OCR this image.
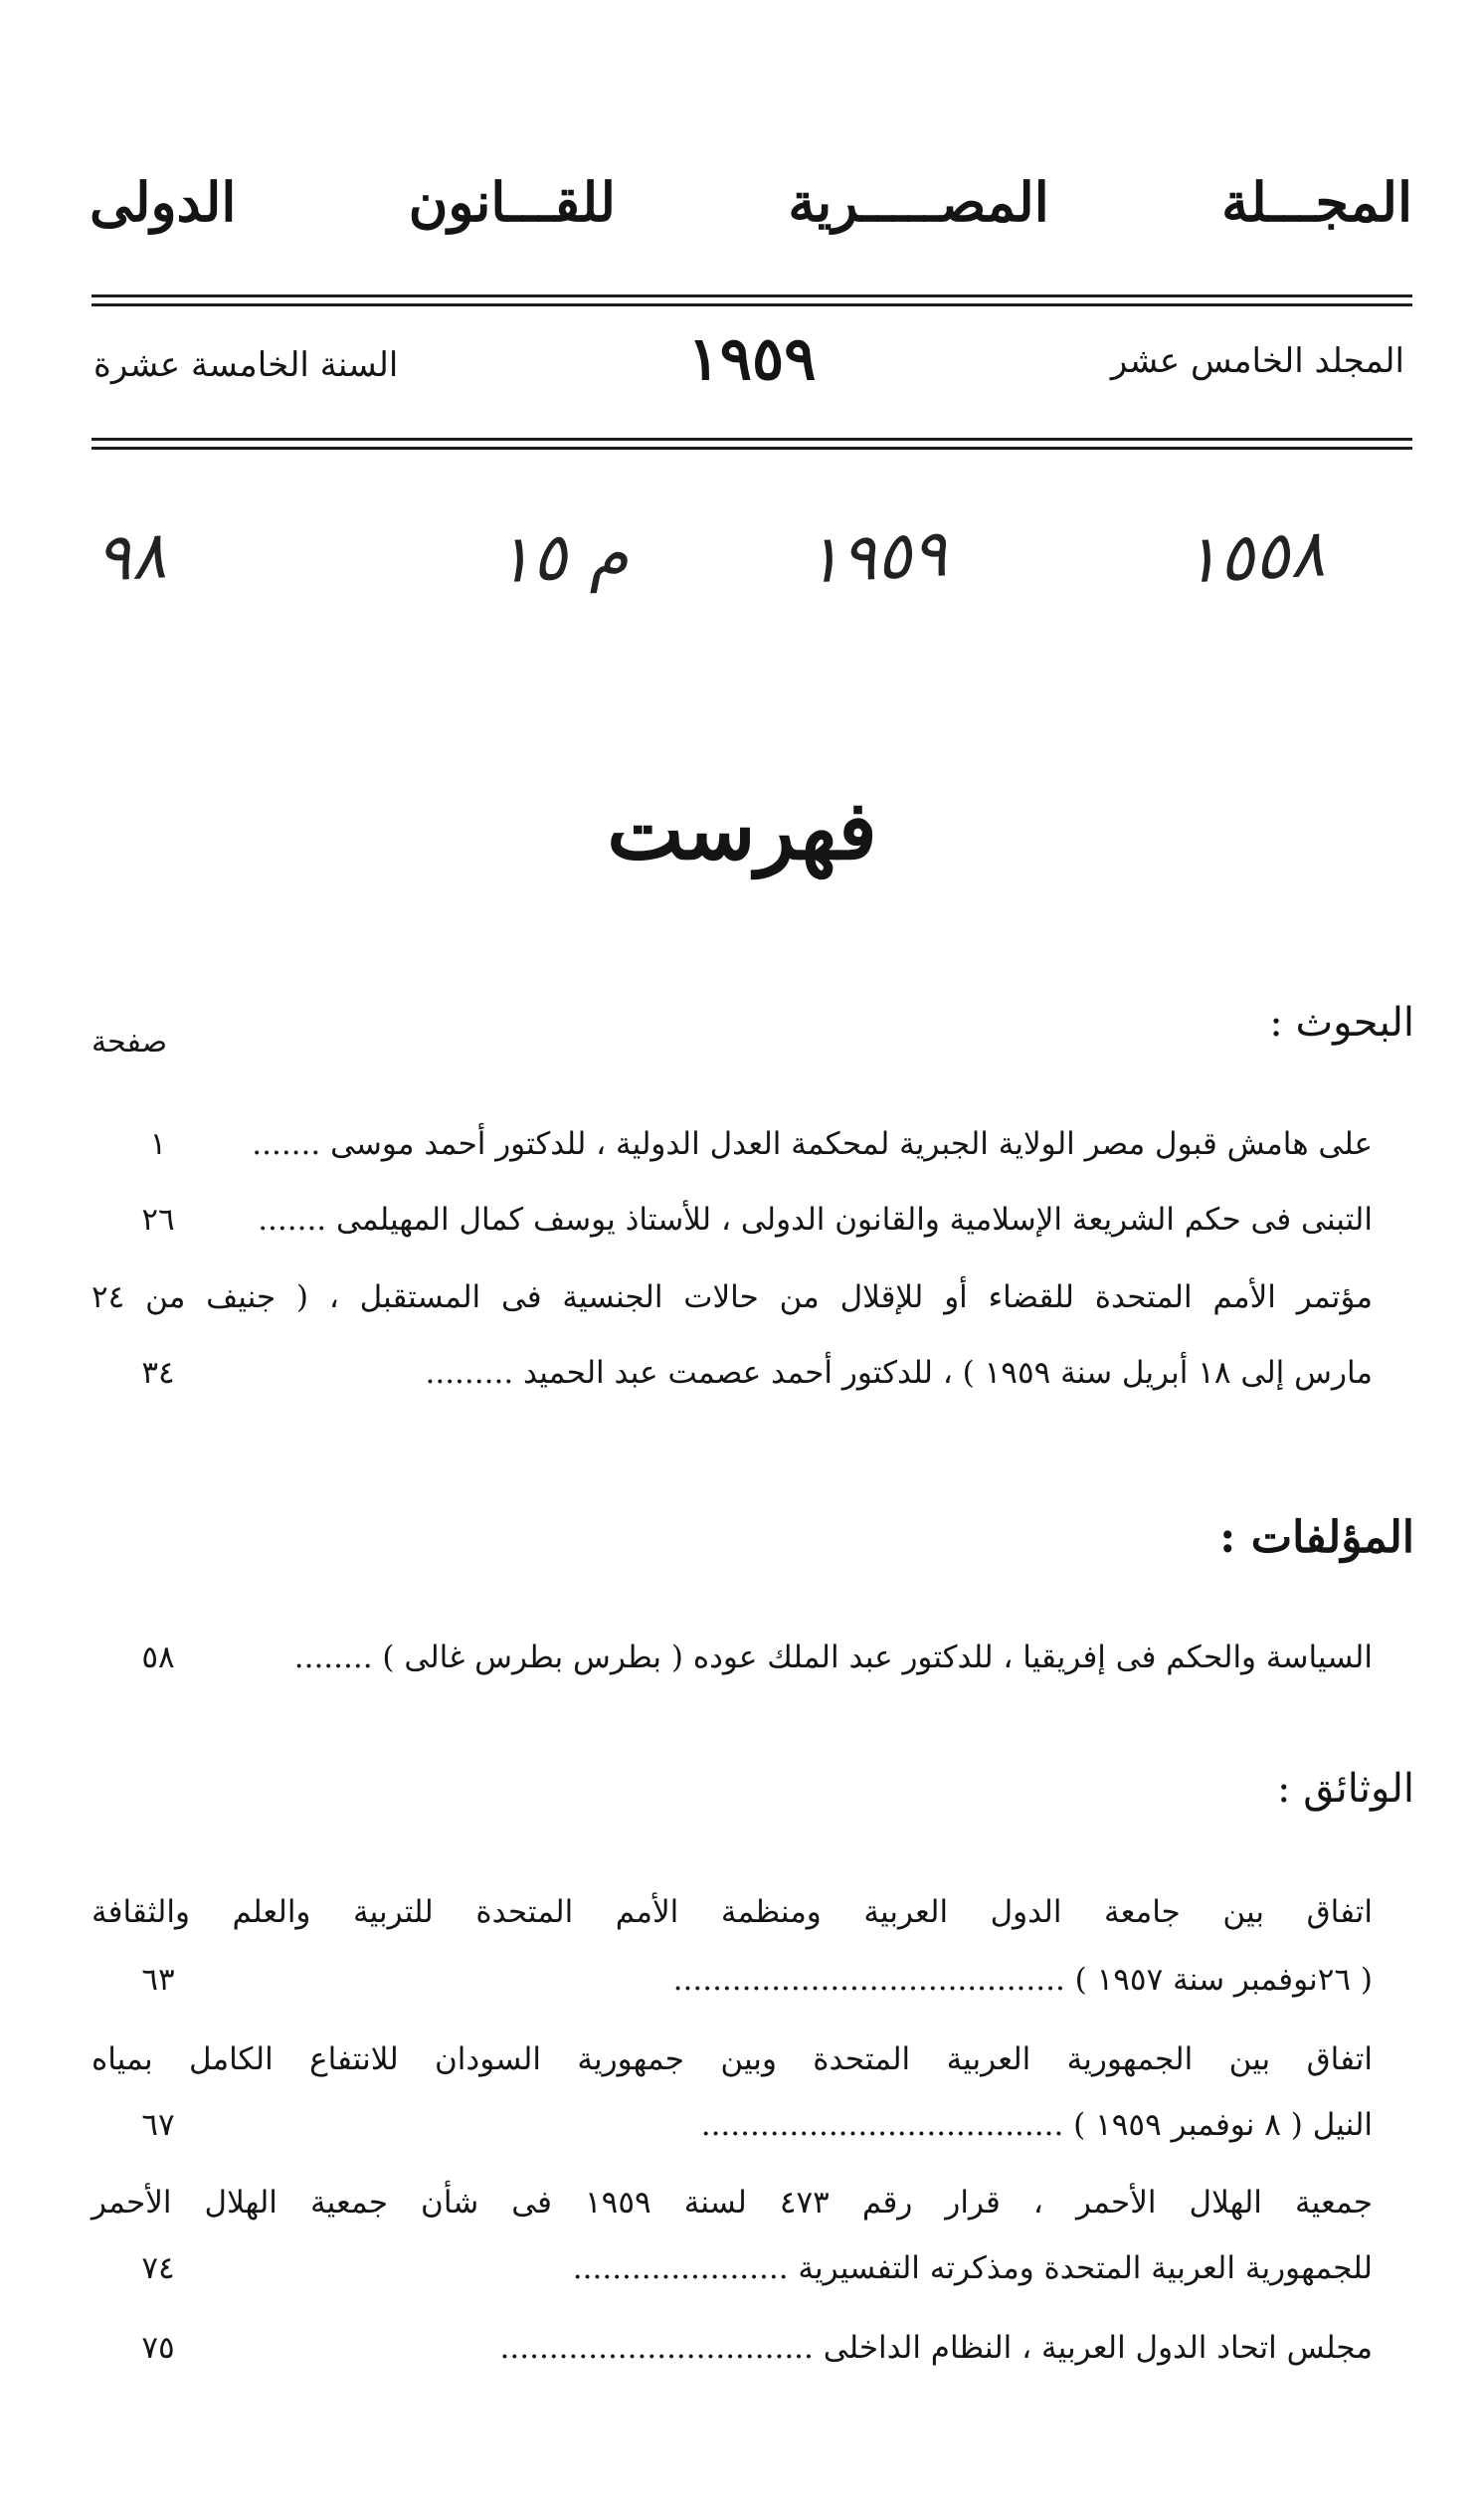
المجـــلة المصـــــرية للقـــانون الدولى
المجلد الخامس عشر
١٩٥٩
السنة الخامسة عشرة
١٥٥٨
١٩٥٩
م ١٥
٩٨
فهرست
البحوث :
صفحة
على هامش قبول مصر الولاية الجبرية لمحكمة العدل الدولية ، للدكتور أحمد موسى .......
١
التبنى فى حكم الشريعة الإسلامية والقانون الدولى ، للأستاذ يوسف كمال المهيلمى .......
٢٦
مؤتمر الأمم المتحدة للقضاء أو للإقلال من حالات الجنسية فى المستقبل ، ( جنيف من ٢٤
مارس إلى ١٨ أبريل سنة ١٩٥٩ ) ، للدكتور أحمد عصمت عبد الحميد .........
٣٤
المؤلفات :
السياسة والحكم فى إفريقيا ، للدكتور عبد الملك عوده ( بطرس بطرس غالى ) ........
٥٨
الوثائق :
اتفاق بين جامعة الدول العربية ومنظمة الأمم المتحدة للتربية والعلم والثقافة
( ٢٦نوفمبر سنة ١٩٥٧ ) ........................................
٦٣
اتفاق بين الجمهورية العربية المتحدة وبين جمهورية السودان للانتفاع الكامل بمياه
النيل ( ٨ نوفمبر ١٩٥٩ ) .....................................
٦٧
جمعية الهلال الأحمر ، قرار رقم ٤٧٣ لسنة ١٩٥٩ فى شأن جمعية الهلال الأحمر
للجمهورية العربية المتحدة ومذكرته التفسيرية ......................
٧٤
مجلس اتحاد الدول العربية ، النظام الداخلى ................................
٧٥
